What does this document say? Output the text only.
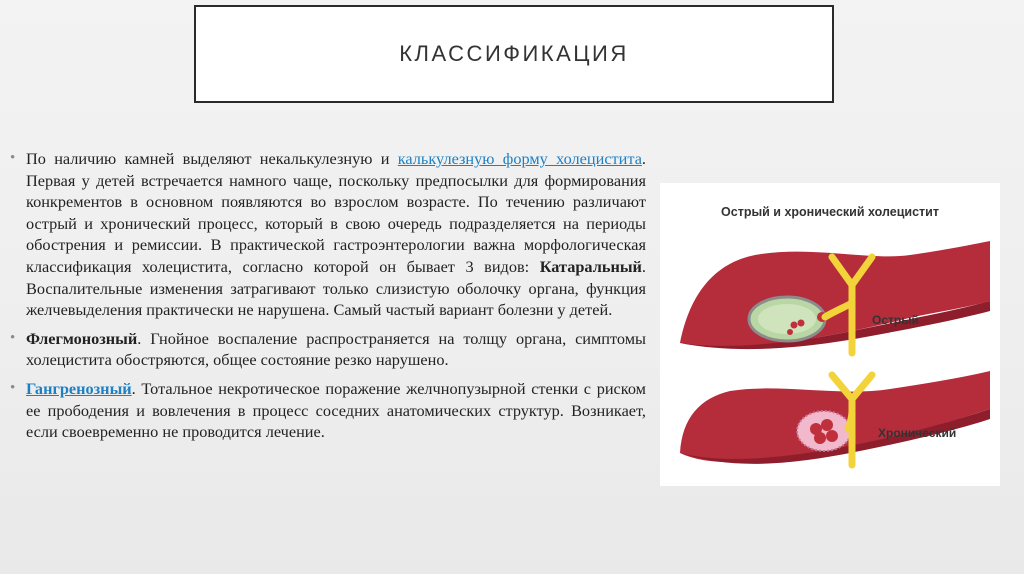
КЛАССИФИКАЦИЯ
• По наличию камней выделяют некалькулезную и калькулезную форму холецистита. Первая у детей встречается намного чаще, поскольку предпосылки для формирования конкрементов в основном появляются во взрослом возрасте. По течению различают острый и хронический процесс, который в свою очередь подразделяется на периоды обострения и ремиссии. В практической гастроэнтерологии важна морфологическая классификация холецистита, согласно которой он бывает 3 видов: Катаральный. Воспалительные изменения затрагивают только слизистую оболочку органа, функция желчевыделения практически не нарушена. Самый частый вариант болезни у детей.
• Флегмонозный. Гнойное воспаление распространяется на толщу органа, симптомы холецистита обостряются, общее состояние резко нарушено.
• Гангренозный. Тотальное некротическое поражение желчнопузырной стенки с риском ее прободения и вовлечения в процесс соседних анатомических структур. Возникает, если своевременно не проводится лечение.
Острый и хронический холецистит
Острый
Хронический
